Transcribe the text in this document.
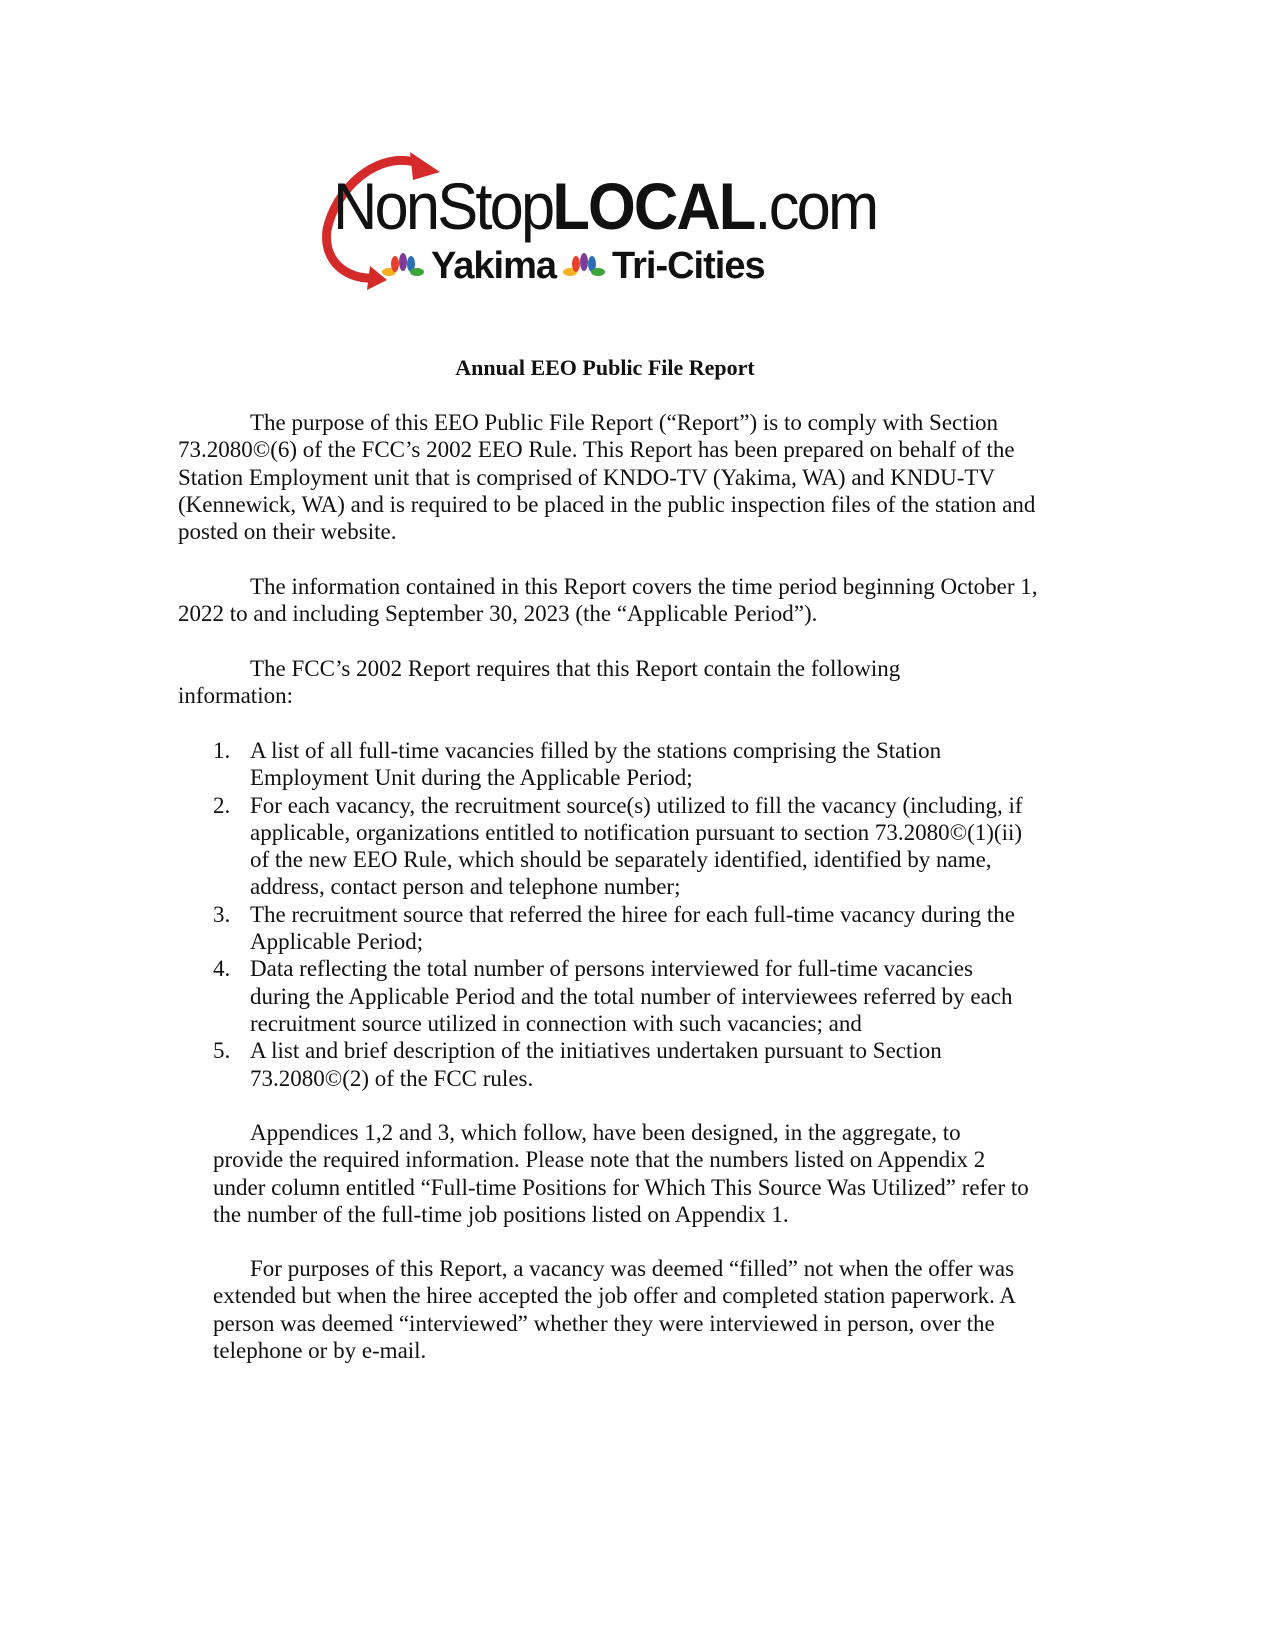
NonStopLOCAL.com
Yakima Tri-Cities
Annual EEO Public File Report
The purpose of this EEO Public File Report (“Report”) is to comply with Section 73.2080©(6) of the FCC’s 2002 EEO Rule. This Report has been prepared on behalf of the Station Employment unit that is comprised of KNDO-TV (Yakima, WA) and KNDU-TV (Kennewick, WA) and is required to be placed in the public inspection files of the station and posted on their website.
The information contained in this Report covers the time period beginning October 1, 2022 to and including September 30, 2023 (the “Applicable Period”).
The FCC’s 2002 Report requires that this Report contain the following information:
1. A list of all full-time vacancies filled by the stations comprising the Station Employment Unit during the Applicable Period;
2. For each vacancy, the recruitment source(s) utilized to fill the vacancy (including, if applicable, organizations entitled to notification pursuant to section 73.2080©(1)(ii) of the new EEO Rule, which should be separately identified, identified by name, address, contact person and telephone number;
3. The recruitment source that referred the hiree for each full-time vacancy during the Applicable Period;
4. Data reflecting the total number of persons interviewed for full-time vacancies during the Applicable Period and the total number of interviewees referred by each recruitment source utilized in connection with such vacancies; and
5. A list and brief description of the initiatives undertaken pursuant to Section 73.2080©(2) of the FCC rules.
Appendices 1,2 and 3, which follow, have been designed, in the aggregate, to provide the required information. Please note that the numbers listed on Appendix 2 under column entitled “Full-time Positions for Which This Source Was Utilized” refer to the number of the full-time job positions listed on Appendix 1.
For purposes of this Report, a vacancy was deemed “filled” not when the offer was extended but when the hiree accepted the job offer and completed station paperwork. A person was deemed “interviewed” whether they were interviewed in person, over the telephone or by e-mail.
